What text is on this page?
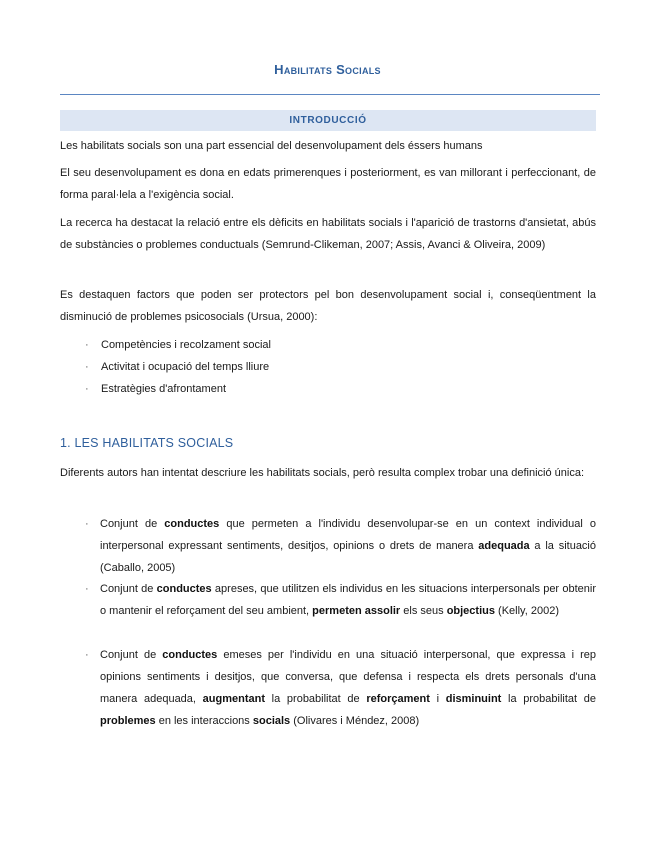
Habilitats Socials
INTRODUCCIÓ
Les habilitats socials son una part essencial del desenvolupament dels éssers humans
El seu desenvolupament es dona en edats primerenques i posteriorment, es van millorant i perfeccionant, de forma paral·lela a l'exigència social.
La recerca ha destacat la relació entre els dèficits en habilitats socials i l'aparició de trastorns d'ansietat, abús de substàncies o problemes conductuals (Semrund-Clikeman, 2007; Assis, Avanci & Oliveira, 2009)
Es destaquen factors que poden ser protectors pel bon desenvolupament social i, conseqüentment la disminució de problemes psicosocials (Ursua, 2000):
· Competències i recolzament social
· Activitat i ocupació del temps lliure
· Estratègies d'afrontament
1. LES HABILITATS SOCIALS
Diferents autors han intentat descriure les habilitats socials, però resulta complex trobar una definició única:
· Conjunt de conductes que permeten a l'individu desenvolupar-se en un context individual o interpersonal expressant sentiments, desitjos, opinions o drets de manera adequada a la situació (Caballo, 2005)
· Conjunt de conductes apreses, que utilitzen els individus en les situacions interpersonals per obtenir o mantenir el reforçament del seu ambient, permeten assolir els seus objectius (Kelly, 2002)
· Conjunt de conductes emeses per l'individu en una situació interpersonal, que expressa i rep opinions sentiments i desitjos, que conversa, que defensa i respecta els drets personals d'una manera adequada, augmentant la probabilitat de reforçament i disminuint la probabilitat de problemes en les interaccions socials (Olivares i Méndez, 2008)
